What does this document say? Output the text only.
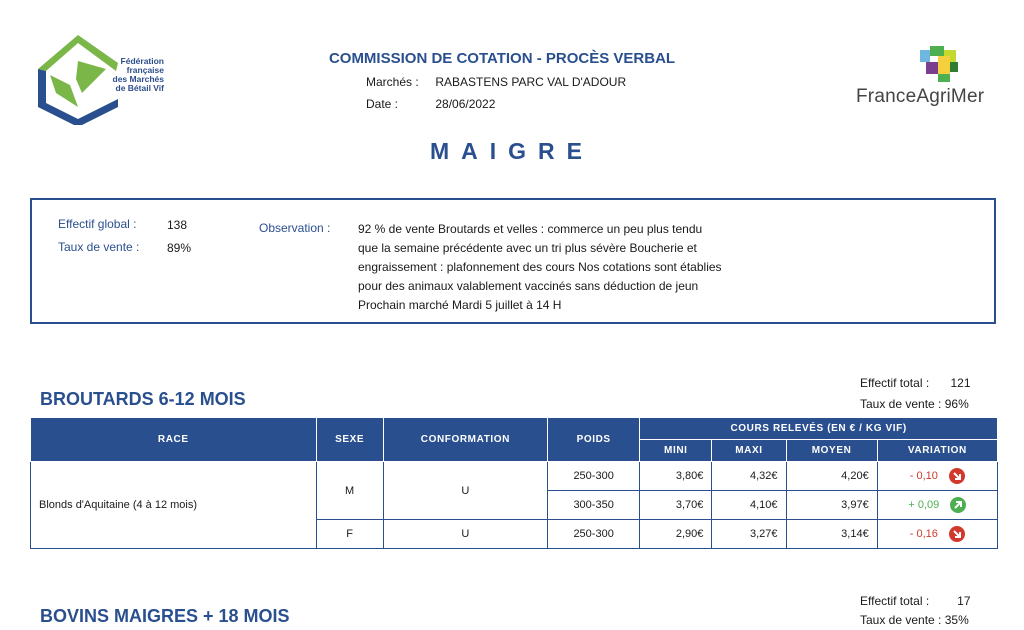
Fédération
française
des Marchés
de Bétail Vif
COMMISSION DE COTATION - PROCÈS VERBAL
Marchés : RABASTENS PARC VAL D'ADOUR
Date :	28/06/2022	FranceAgriMer
MAIGRE
Effectif global :	138
Taux de vente : 89%
Observation : 92 % de vente Broutards et velles : commerce un peu plus tendu
que la semaine précédente avec un tri plus sévère Boucherie et
engraissement : plafonnement des cours Nos cotations sont établies
pour des animaux valablement vaccinés sans déduction de jeun
Prochain marché Mardi 5 juillet à 14 H
BROUTARDS 6-12 MOIS
Effectif total : 121
Taux de vente : 96%
RACE	SEXE	CONFORMATION	POIDS	COURS RELEVÉS (EN € / KG VIF)			
				MINI	MAXI	MOYEN	VARIATION
Blonds d'Aquitaine (4 à 12 mois)	M	U	250-300	3,80€	4,32€	4,20€	- 0,10
			300-350	3,70€	4,10€	3,97€	+ 0,09
	F	U	250-300	2,90€	3,27€	3,14€	- 0,16
BOVINS MAIGRES + 18 MOIS
Effectif total : 17
Taux de vente : 35%
